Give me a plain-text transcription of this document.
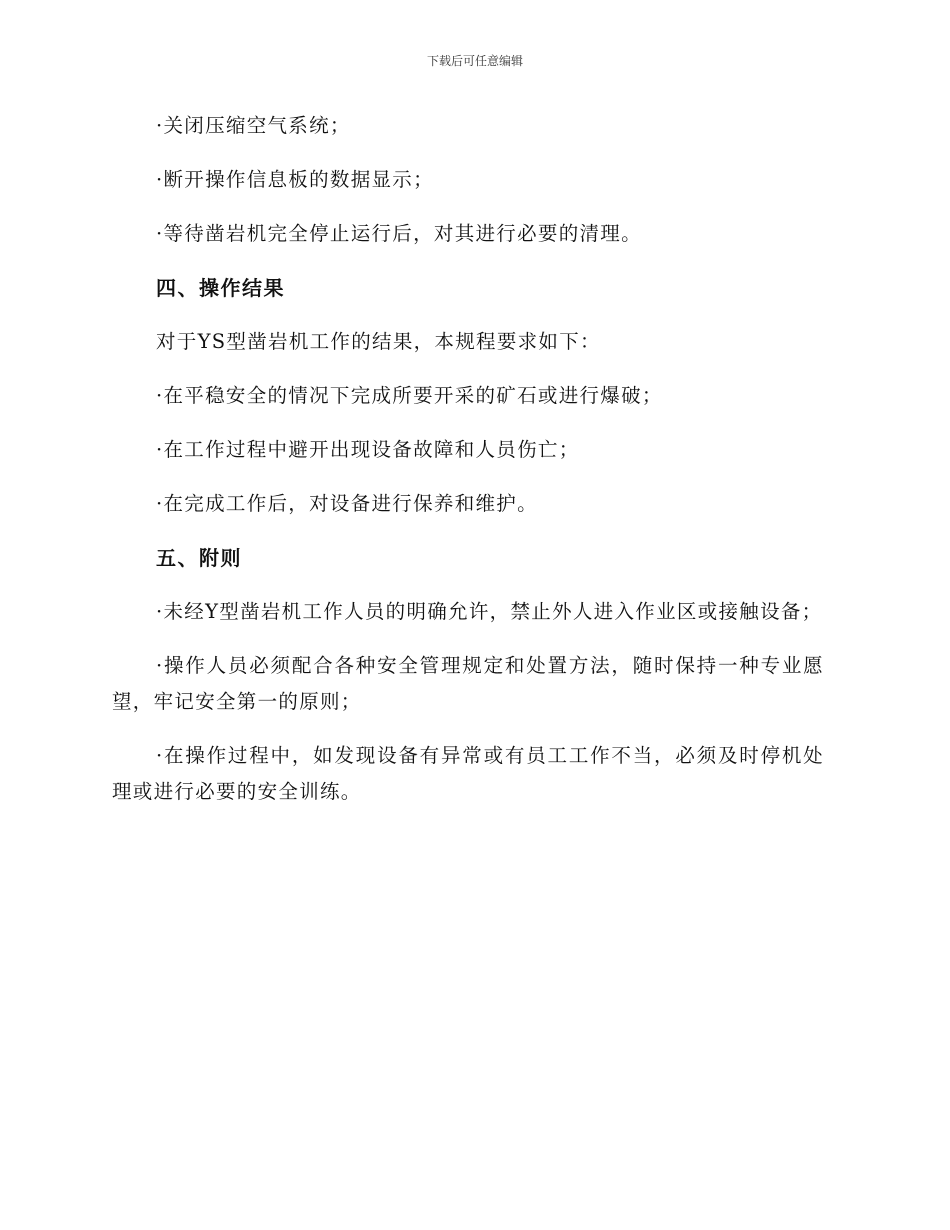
下载后可任意编辑

·关闭压缩空气系统；

·断开操作信息板的数据显示；

·等待凿岩机完全停止运行后，对其进行必要的清理。

四、操作结果

对于YS型凿岩机工作的结果，本规程要求如下：

·在平稳安全的情况下完成所要开采的矿石或进行爆破；

·在工作过程中避开出现设备故障和人员伤亡；

·在完成工作后，对设备进行保养和维护。

五、附则

·未经Y型凿岩机工作人员的明确允许，禁止外人进入作业区或接触设备；

·操作人员必须配合各种安全管理规定和处置方法，随时保持一种专业愿望，牢记安全第一的原则；

·在操作过程中，如发现设备有异常或有员工工作不当，必须及时停机处理或进行必要的安全训练。
